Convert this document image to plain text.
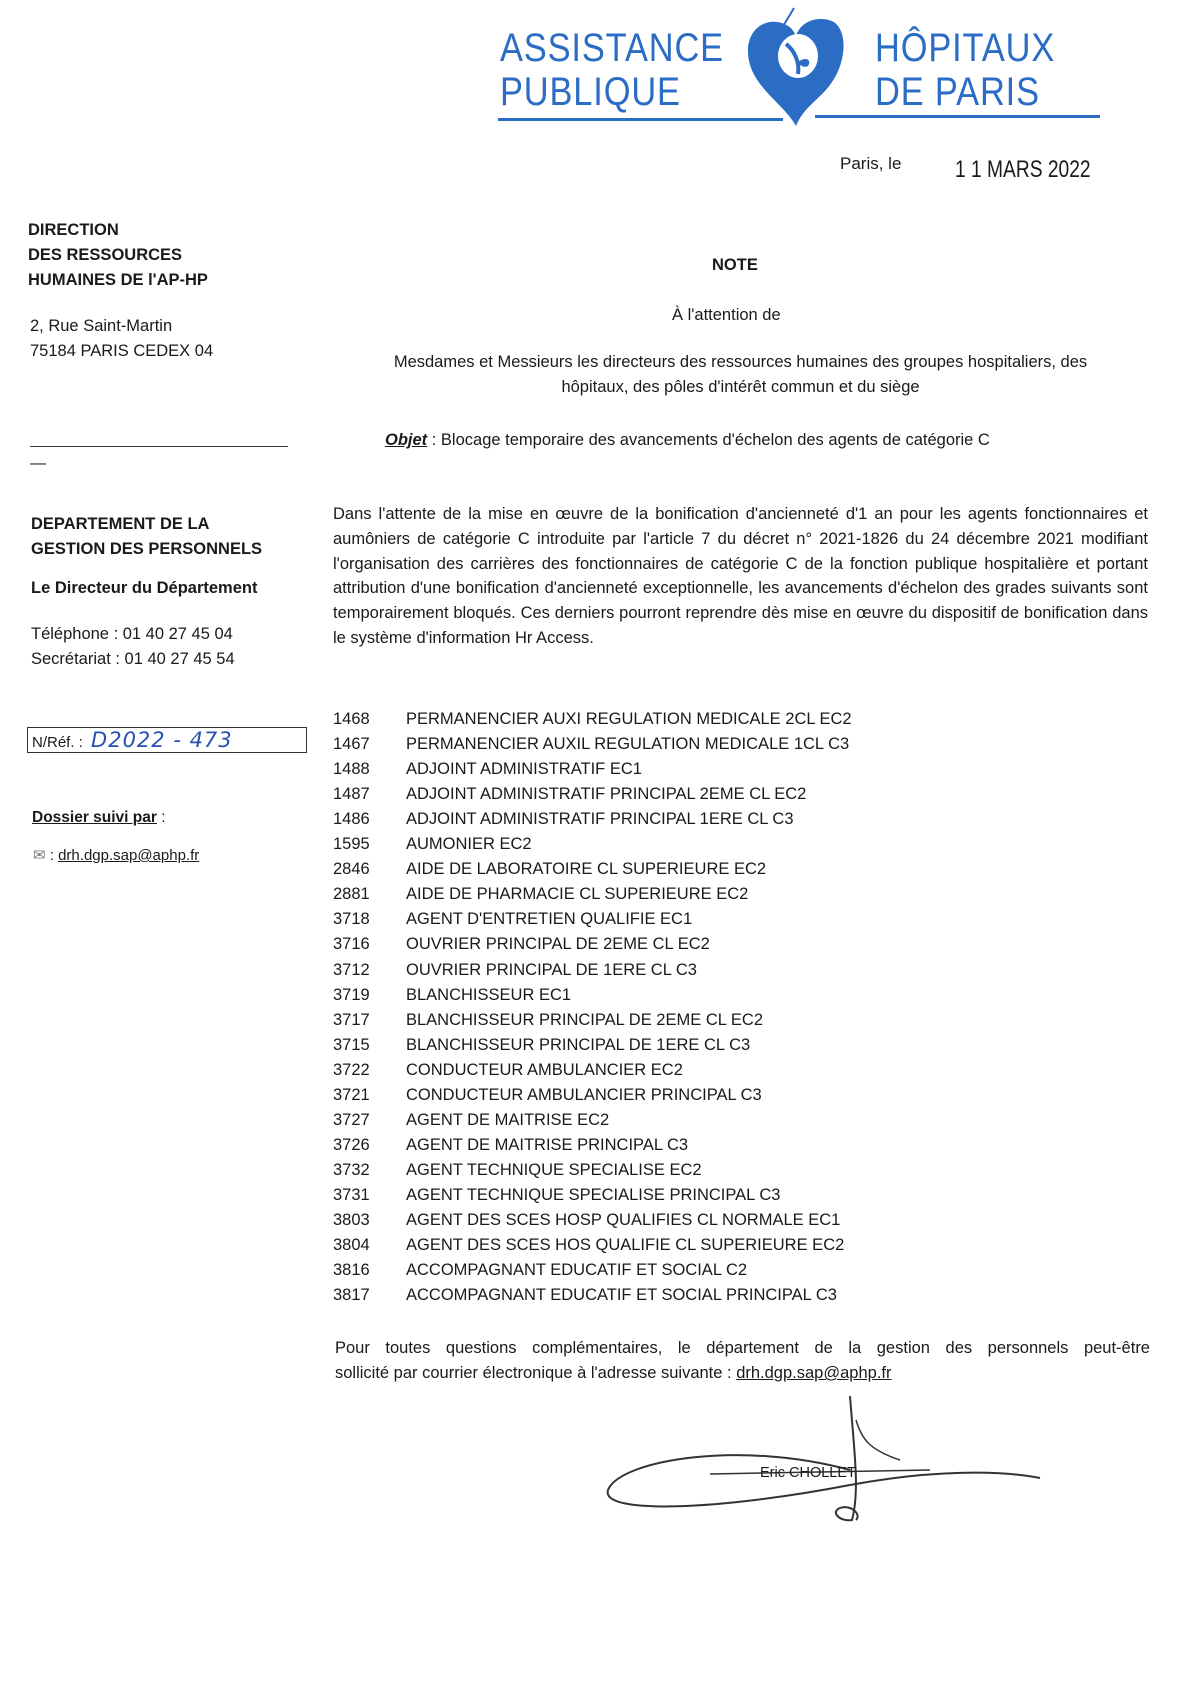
ASSISTANCE
PUBLIQUE
HÔPITAUX
DE PARIS
Paris, le 1 1 MARS 2022
DIRECTION
DES RESSOURCES
HUMAINES DE l'AP-HP
2, Rue Saint-Martin
75184 PARIS CEDEX 04
—
DEPARTEMENT DE LA
GESTION DES PERSONNELS
Le Directeur du Département
Téléphone : 01 40 27 45 04
Secrétariat : 01 40 27 45 54
N/Réf. : D2022 - 473
Dossier suivi par :
✉ : drh.dgp.sap@aphp.fr
NOTE
À l'attention de
Mesdames et Messieurs les directeurs des ressources humaines des groupes hospitaliers, des
hôpitaux, des pôles d'intérêt commun et du siège
Objet : Blocage temporaire des avancements d'échelon des agents de catégorie C
Dans l'attente de la mise en œuvre de la bonification d'ancienneté d'1 an pour les agents fonctionnaires et aumôniers de catégorie C introduite par l'article 7 du décret n° 2021-1826 du 24 décembre 2021 modifiant l'organisation des carrières des fonctionnaires de catégorie C de la fonction publique hospitalière et portant attribution d'une bonification d'ancienneté exceptionnelle, les avancements d'échelon des grades suivants sont temporairement bloqués. Ces derniers pourront reprendre dès mise en œuvre du dispositif de bonification dans le système d'information Hr Access.
1468 PERMANENCIER AUXI REGULATION MEDICALE 2CL EC2
1467 PERMANENCIER AUXIL REGULATION MEDICALE 1CL C3
1488 ADJOINT ADMINISTRATIF EC1
1487 ADJOINT ADMINISTRATIF PRINCIPAL 2EME CL EC2
1486 ADJOINT ADMINISTRATIF PRINCIPAL 1ERE CL C3
1595 AUMONIER EC2
2846 AIDE DE LABORATOIRE CL SUPERIEURE EC2
2881 AIDE DE PHARMACIE CL SUPERIEURE EC2
3718 AGENT D'ENTRETIEN QUALIFIE EC1
3716 OUVRIER PRINCIPAL DE 2EME CL EC2
3712 OUVRIER PRINCIPAL DE 1ERE CL C3
3719 BLANCHISSEUR EC1
3717 BLANCHISSEUR PRINCIPAL DE 2EME CL EC2
3715 BLANCHISSEUR PRINCIPAL DE 1ERE CL C3
3722 CONDUCTEUR AMBULANCIER EC2
3721 CONDUCTEUR AMBULANCIER PRINCIPAL C3
3727 AGENT DE MAITRISE EC2
3726 AGENT DE MAITRISE PRINCIPAL C3
3732 AGENT TECHNIQUE SPECIALISE EC2
3731 AGENT TECHNIQUE SPECIALISE PRINCIPAL C3
3803 AGENT DES SCES HOSP QUALIFIES CL NORMALE EC1
3804 AGENT DES SCES HOS QUALIFIE CL SUPERIEURE EC2
3816 ACCOMPAGNANT EDUCATIF ET SOCIAL C2
3817 ACCOMPAGNANT EDUCATIF ET SOCIAL PRINCIPAL C3
Pour toutes questions complémentaires, le département de la gestion des personnels peut-être
sollicité par courrier électronique à l'adresse suivante : drh.dgp.sap@aphp.fr
Eric CHOLLET
